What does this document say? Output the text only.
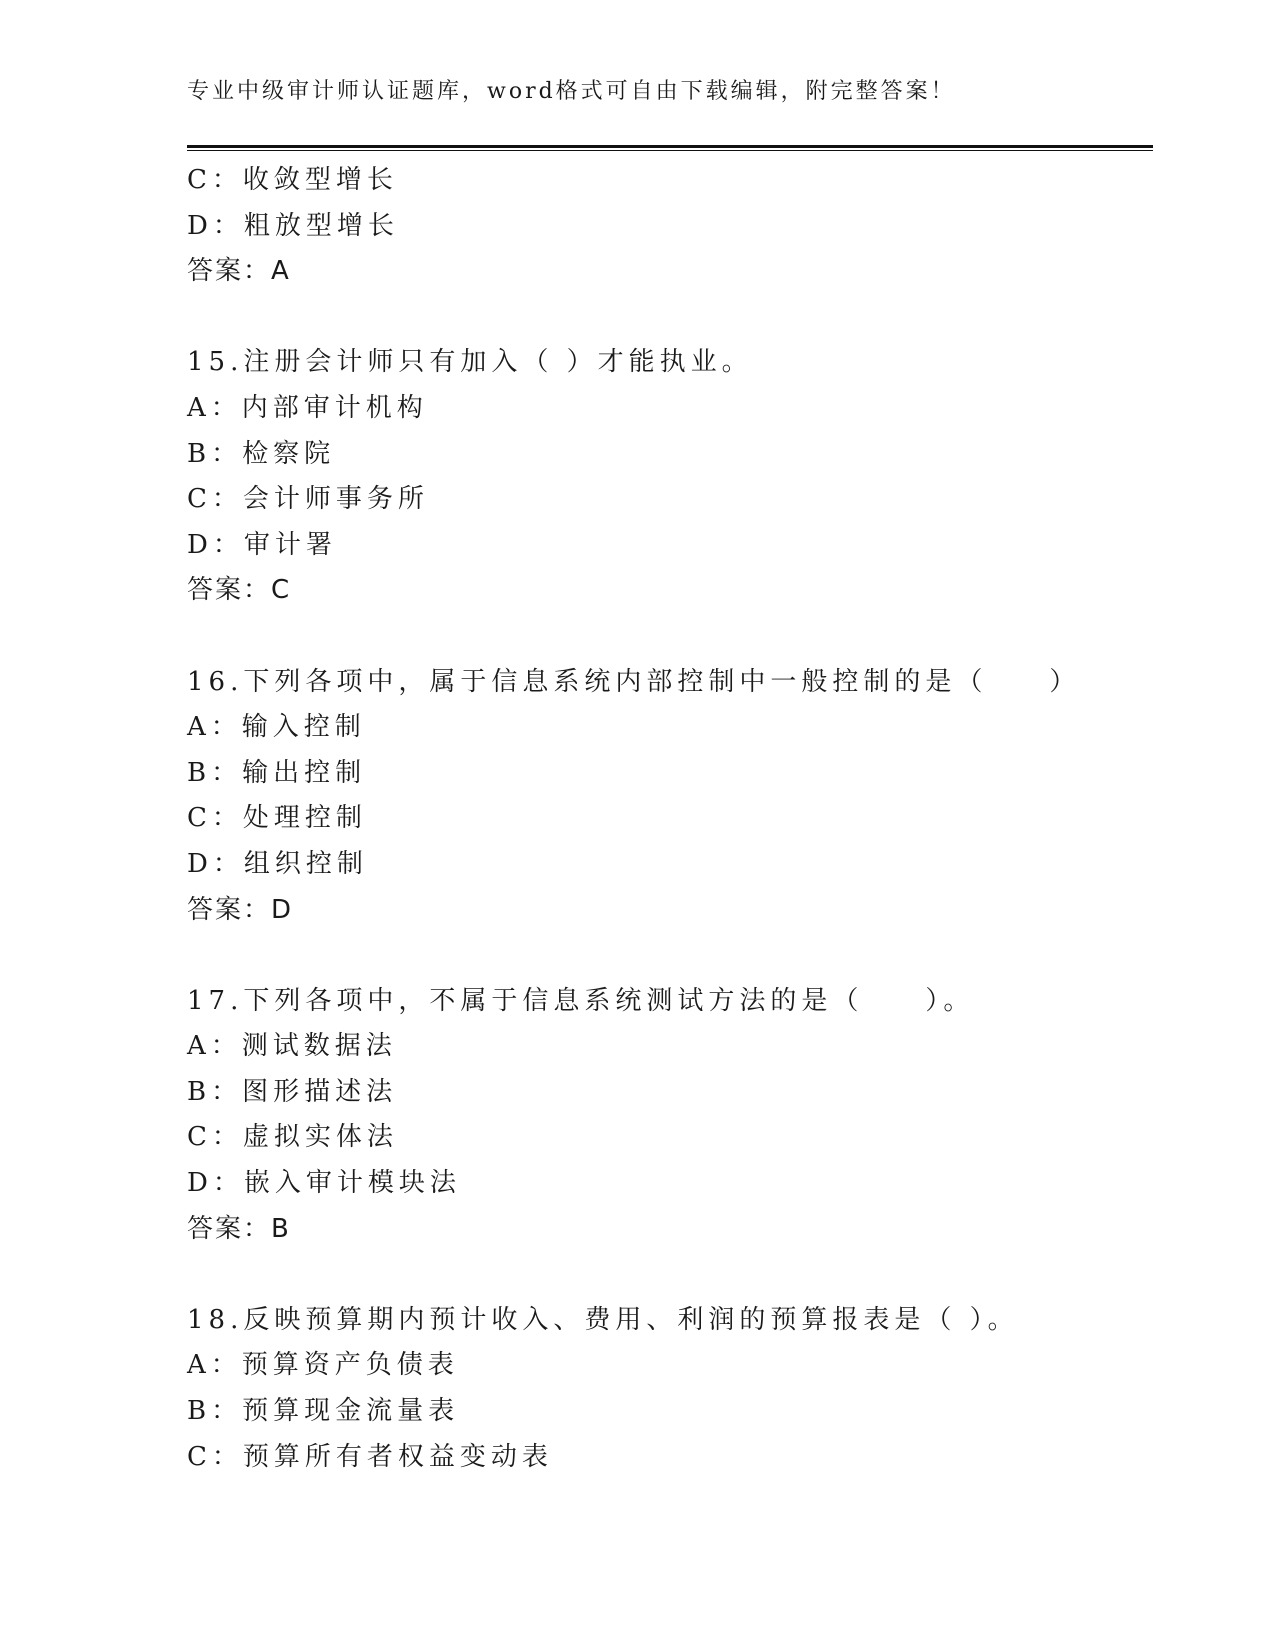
专业中级审计师认证题库，word格式可自由下载编辑，附完整答案！
C：收敛型增长
D：粗放型增长
答案：A
15.注册会计师只有加入（ ）才能执业。
A：内部审计机构
B：检察院
C：会计师事务所
D：审计署
答案：C
16.下列各项中，属于信息系统内部控制中一般控制的是（　　）
A：输入控制
B：输出控制
C：处理控制
D：组织控制
答案：D
17.下列各项中，不属于信息系统测试方法的是（　　）。
A：测试数据法
B：图形描述法
C：虚拟实体法
D：嵌入审计模块法
答案：B
18.反映预算期内预计收入、费用、利润的预算报表是（ ）。
A：预算资产负债表
B：预算现金流量表
C：预算所有者权益变动表
